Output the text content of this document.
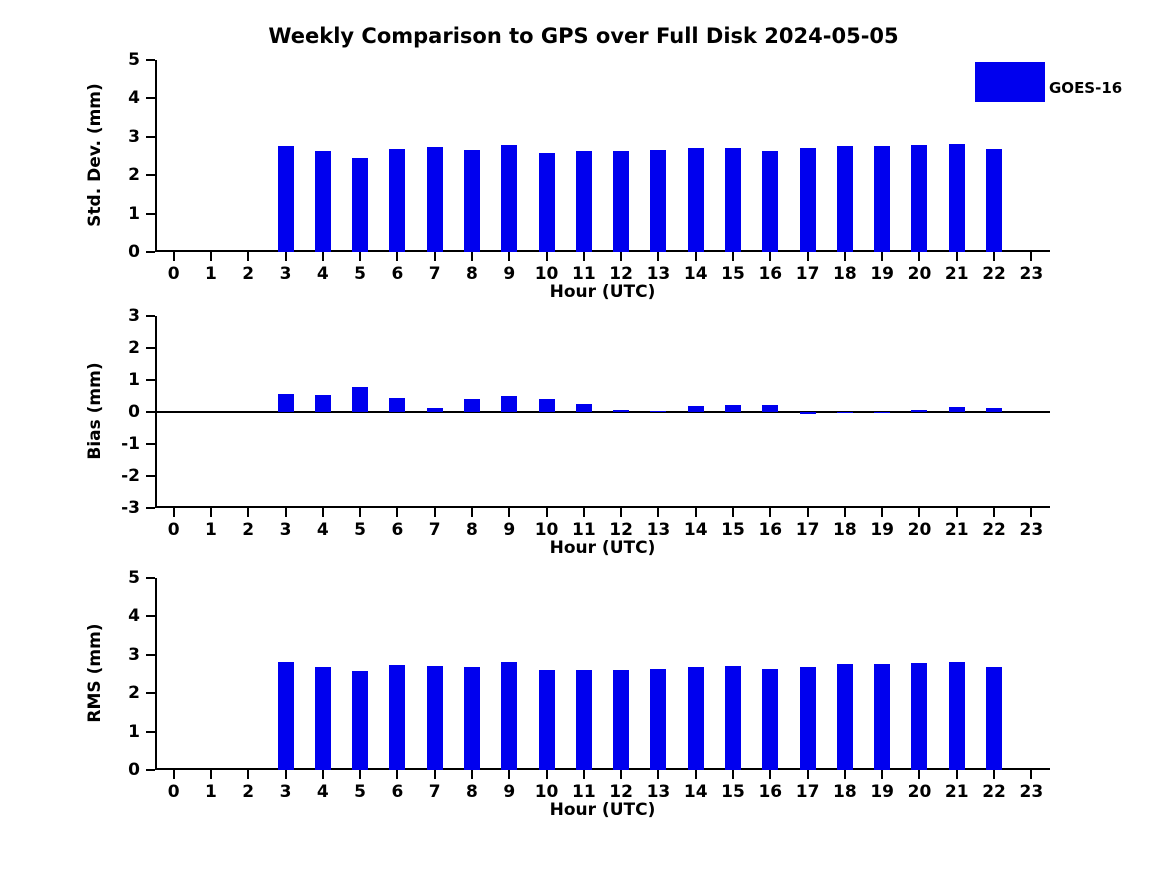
Weekly Comparison to GPS over Full Disk 2024-05-05
0
1
2
3
4
5
Std. Dev. (mm)
Hour (UTC)
0 1 2 3 4 5 6 7 8 9 10 11 12 13 14 15 16 17 18 19 20 21 22 23
-3
-2
-1
0
1
2
3
Bias (mm)
Hour (UTC)
0 1 2 3 4 5 6 7 8 9 10 11 12 13 14 15 16 17 18 19 20 21 22 23
0
1
2
3
4
5
RMS (mm)
Hour (UTC)
0 1 2 3 4 5 6 7 8 9 10 11 12 13 14 15 16 17 18 19 20 21 22 23
GOES-16
